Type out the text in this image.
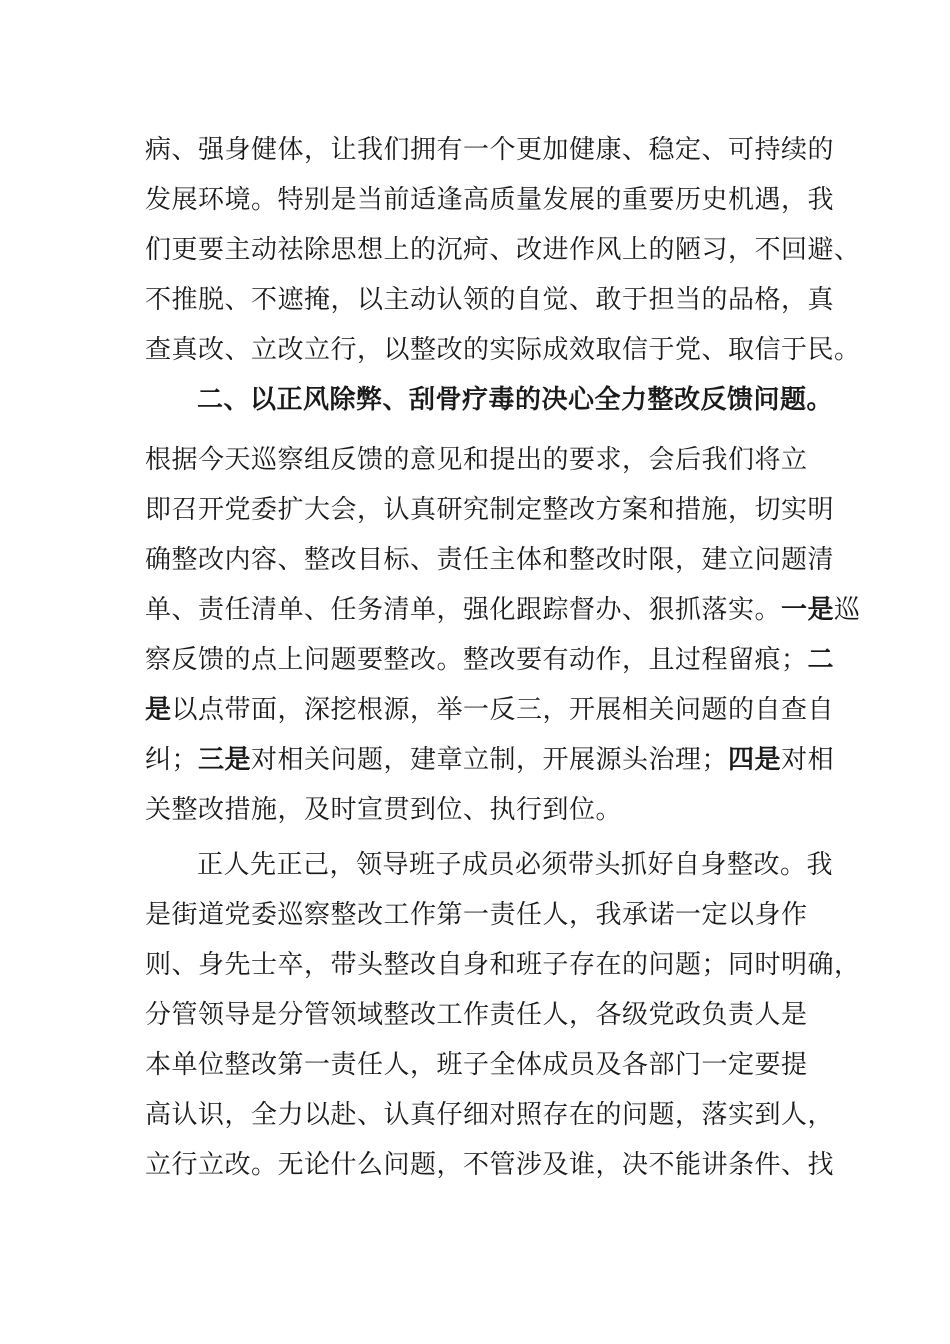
病、强身健体，让我们拥有一个更加健康、稳定、可持续的
发展环境。特别是当前适逢高质量发展的重要历史机遇，我
们更要主动祛除思想上的沉疴、改进作风上的陋习，不回避、
不推脱、不遮掩，以主动认领的自觉、敢于担当的品格，真
查真改、立改立行，以整改的实际成效取信于党、取信于民。
二、以正风除弊、刮骨疗毒的决心全力整改反馈问题。
根据今天巡察组反馈的意见和提出的要求，会后我们将立
即召开党委扩大会，认真研究制定整改方案和措施，切实明
确整改内容、整改目标、责任主体和整改时限，建立问题清
单、责任清单、任务清单，强化跟踪督办、狠抓落实。一是巡
察反馈的点上问题要整改。整改要有动作，且过程留痕；二
是以点带面，深挖根源，举一反三，开展相关问题的自查自
纠；三是对相关问题，建章立制，开展源头治理；四是对相
关整改措施，及时宣贯到位、执行到位。
正人先正己，领导班子成员必须带头抓好自身整改。我
是街道党委巡察整改工作第一责任人，我承诺一定以身作
则、身先士卒，带头整改自身和班子存在的问题；同时明确，
分管领导是分管领域整改工作责任人，各级党政负责人是
本单位整改第一责任人，班子全体成员及各部门一定要提
高认识，全力以赴、认真仔细对照存在的问题，落实到人，
立行立改。无论什么问题，不管涉及谁，决不能讲条件、找
